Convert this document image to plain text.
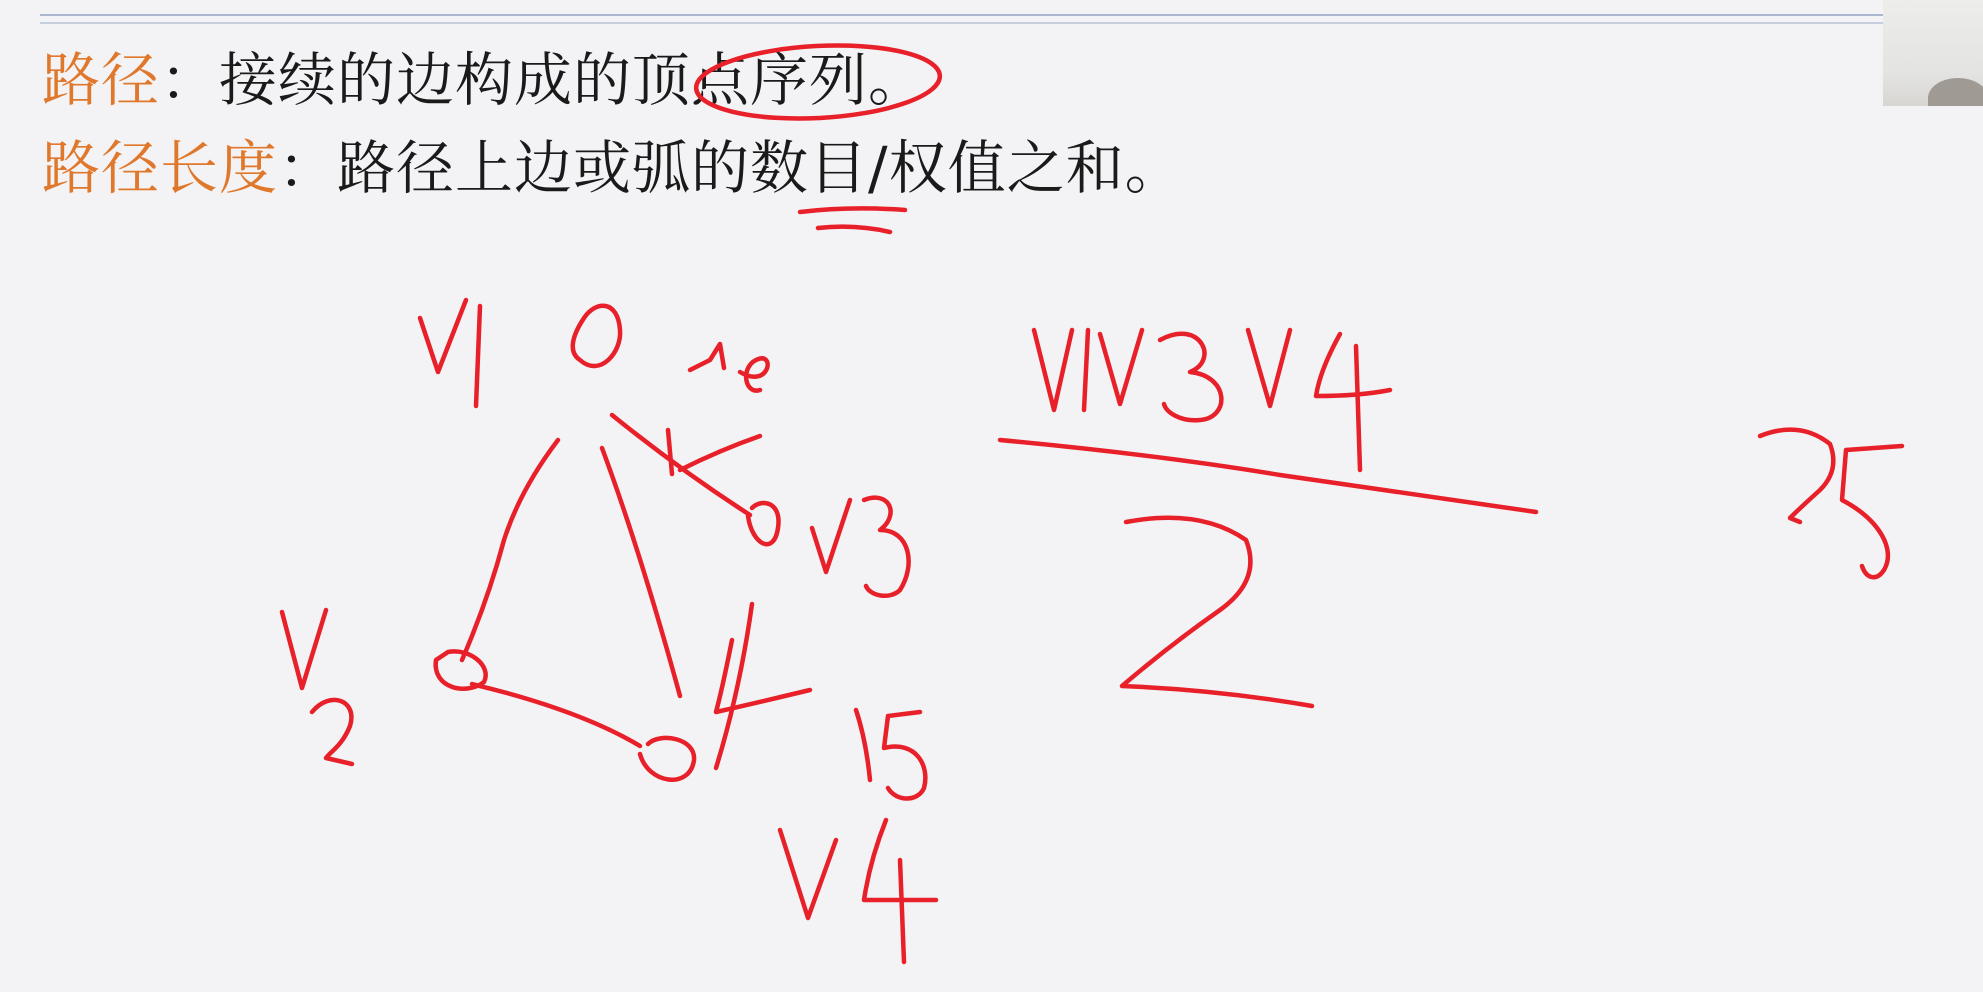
路径：接续的边构成的顶点序列。
路径长度：路径上边或弧的数目/权值之和。
